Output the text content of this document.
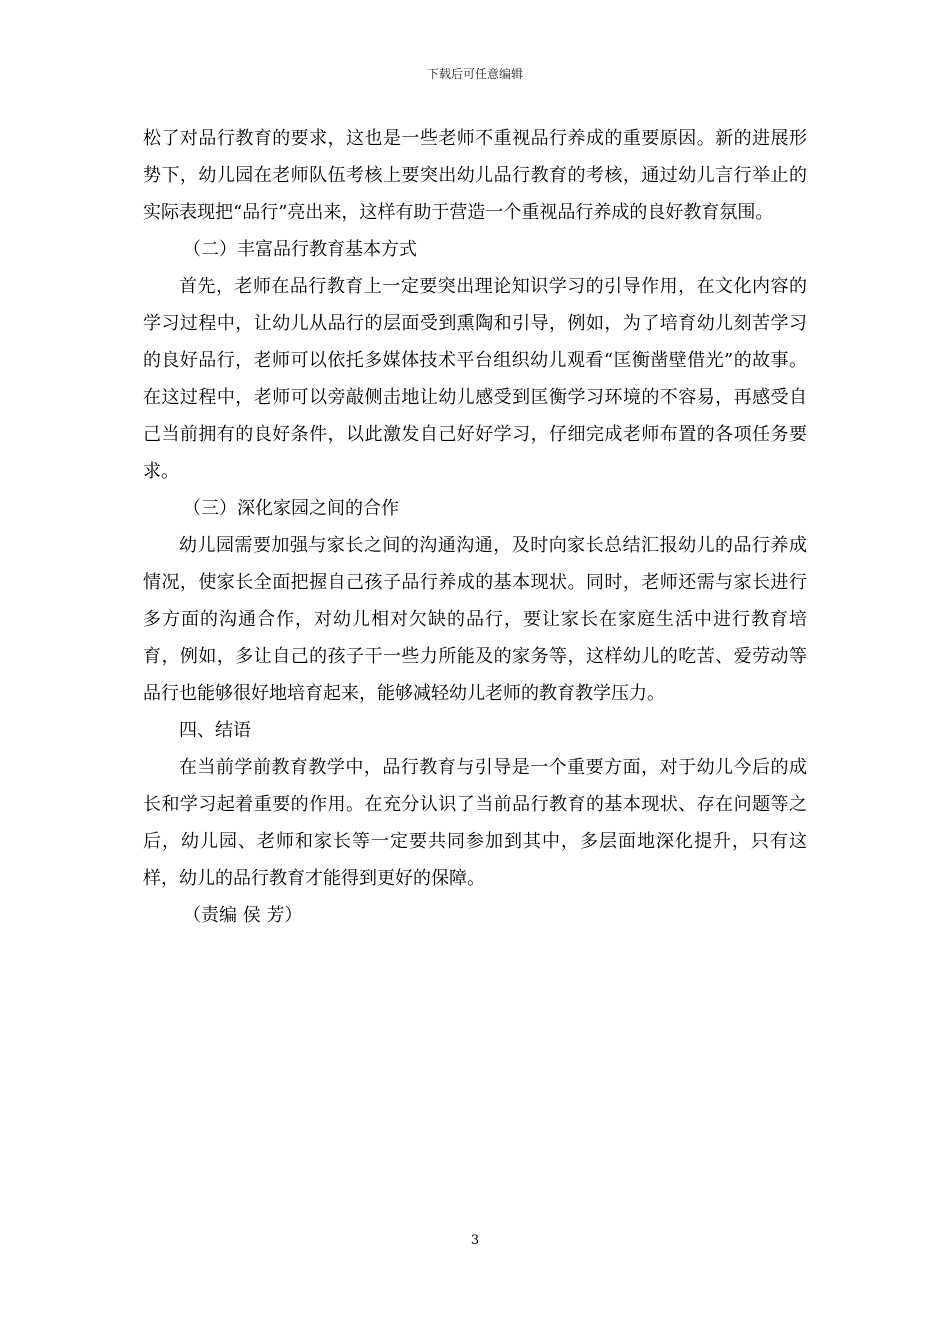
下载后可任意编辑

松了对品行教育的要求，这也是一些老师不重视品行养成的重要原因。新的进展形势下，幼儿园在老师队伍考核上要突出幼儿品行教育的考核，通过幼儿言行举止的实际表现把“品行”亮出来，这样有助于营造一个重视品行养成的良好教育氛围。

（二）丰富品行教育基本方式

首先，老师在品行教育上一定要突出理论知识学习的引导作用，在文化内容的学习过程中，让幼儿从品行的层面受到熏陶和引导，例如，为了培育幼儿刻苦学习的良好品行，老师可以依托多媒体技术平台组织幼儿观看“匡衡凿壁借光”的故事。在这过程中，老师可以旁敲侧击地让幼儿感受到匡衡学习环境的不容易，再感受自己当前拥有的良好条件，以此激发自己好好学习，仔细完成老师布置的各项任务要求。

（三）深化家园之间的合作

幼儿园需要加强与家长之间的沟通沟通，及时向家长总结汇报幼儿的品行养成情况，使家长全面把握自己孩子品行养成的基本现状。同时，老师还需与家长进行多方面的沟通合作，对幼儿相对欠缺的品行，要让家长在家庭生活中进行教育培育，例如，多让自己的孩子干一些力所能及的家务等，这样幼儿的吃苦、爱劳动等品行也能够很好地培育起来，能够减轻幼儿老师的教育教学压力。

四、结语

在当前学前教育教学中，品行教育与引导是一个重要方面，对于幼儿今后的成长和学习起着重要的作用。在充分认识了当前品行教育的基本现状、存在问题等之后，幼儿园、老师和家长等一定要共同参加到其中，多层面地深化提升，只有这样，幼儿的品行教育才能得到更好的保障。

（责编 侯 芳）

3
